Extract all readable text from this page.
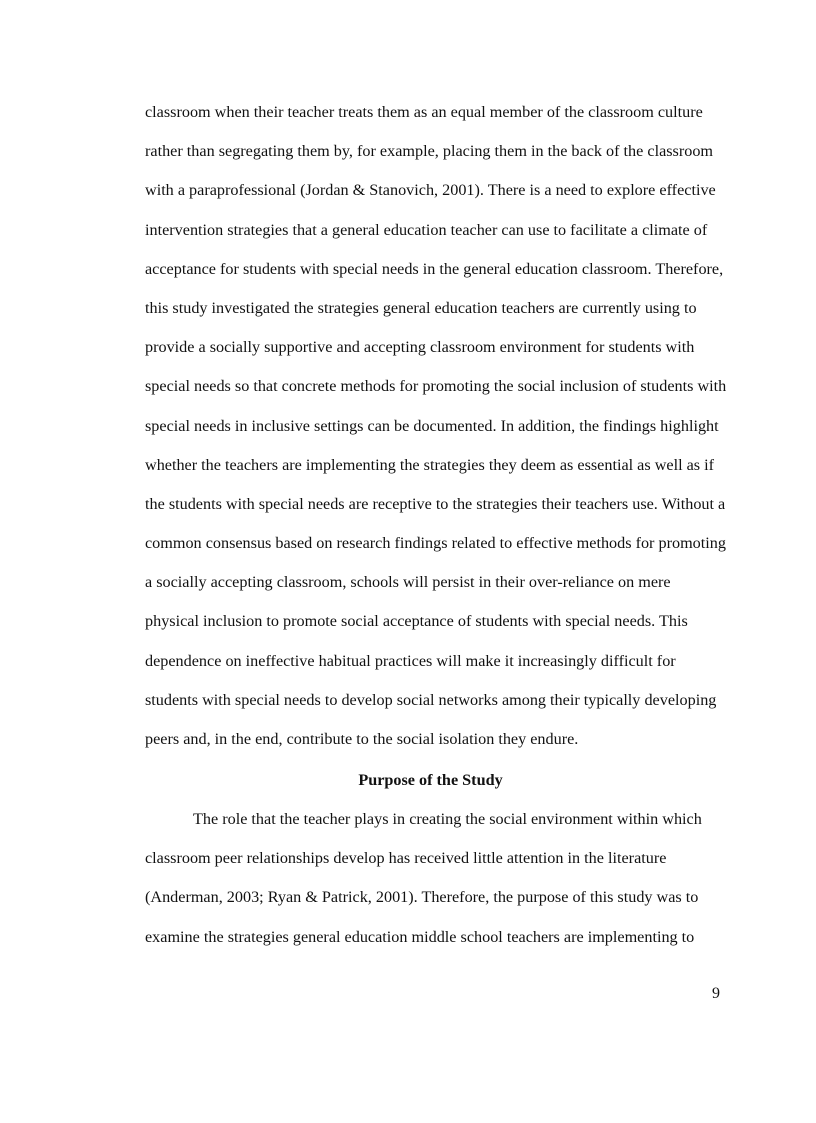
classroom when their teacher treats them as an equal member of the classroom culture
rather than segregating them by, for example, placing them in the back of the classroom
with a paraprofessional (Jordan & Stanovich, 2001). There is a need to explore effective
intervention strategies that a general education teacher can use to facilitate a climate of
acceptance for students with special needs in the general education classroom. Therefore,
this study investigated the strategies general education teachers are currently using to
provide a socially supportive and accepting classroom environment for students with
special needs so that concrete methods for promoting the social inclusion of students with
special needs in inclusive settings can be documented. In addition, the findings highlight
whether the teachers are implementing the strategies they deem as essential as well as if
the students with special needs are receptive to the strategies their teachers use. Without a
common consensus based on research findings related to effective methods for promoting
a socially accepting classroom, schools will persist in their over-reliance on mere
physical inclusion to promote social acceptance of students with special needs. This
dependence on ineffective habitual practices will make it increasingly difficult for
students with special needs to develop social networks among their typically developing
peers and, in the end, contribute to the social isolation they endure.
Purpose of the Study
The role that the teacher plays in creating the social environment within which
classroom peer relationships develop has received little attention in the literature
(Anderman, 2003; Ryan & Patrick, 2001). Therefore, the purpose of this study was to
examine the strategies general education middle school teachers are implementing to
9
